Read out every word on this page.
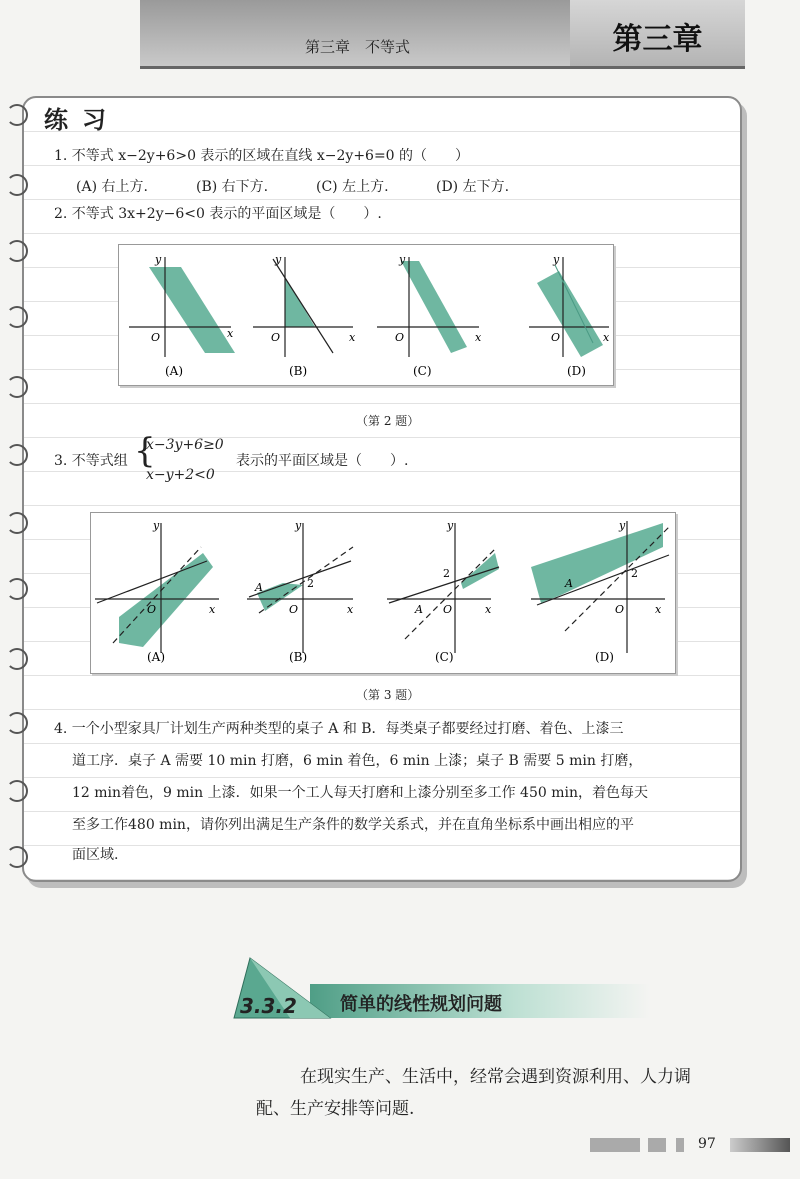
第三章　不等式	第三章
练习
1. 不等式 x−2y+6>0 表示的区域在直线 x−2y+6=0 的（　　）
(A) 右上方.	(B) 右下方.	(C) 左上方.	(D) 左下方.
2. 不等式 3x+2y−6<0 表示的平面区域是（　　）.
x
y
O
(A)
x
y
O
(B)
x
y
O
(C)
x
y
O
(D)
（第 2 题）
3. 不等式组 {
x−3y+6≥0
x−y+2<0
表示的平面区域是（　　）.
x
y
O
(A)
A	2
x
y
O
(B)
A
2
x
y
O
(C)
A
2
x
y
O
(D)
（第 3 题）
4. 一个小型家具厂计划生产两种类型的桌子 A 和 B．每类桌子都要经过打磨、着色、上漆三
道工序．桌子 A 需要 10 min 打磨，6 min 着色，6 min 上漆；桌子 B 需要 5 min 打磨，
12 min着色，9 min 上漆．如果一个工人每天打磨和上漆分别至多工作 450 min，着色每天
至多工作480 min，请你列出满足生产条件的数学关系式，并在直角坐标系中画出相应的平
面区域.
3.3.2 简单的线性规划问题
在现实生产、生活中，经常会遇到资源利用、人力调
配、生产安排等问题.
97
